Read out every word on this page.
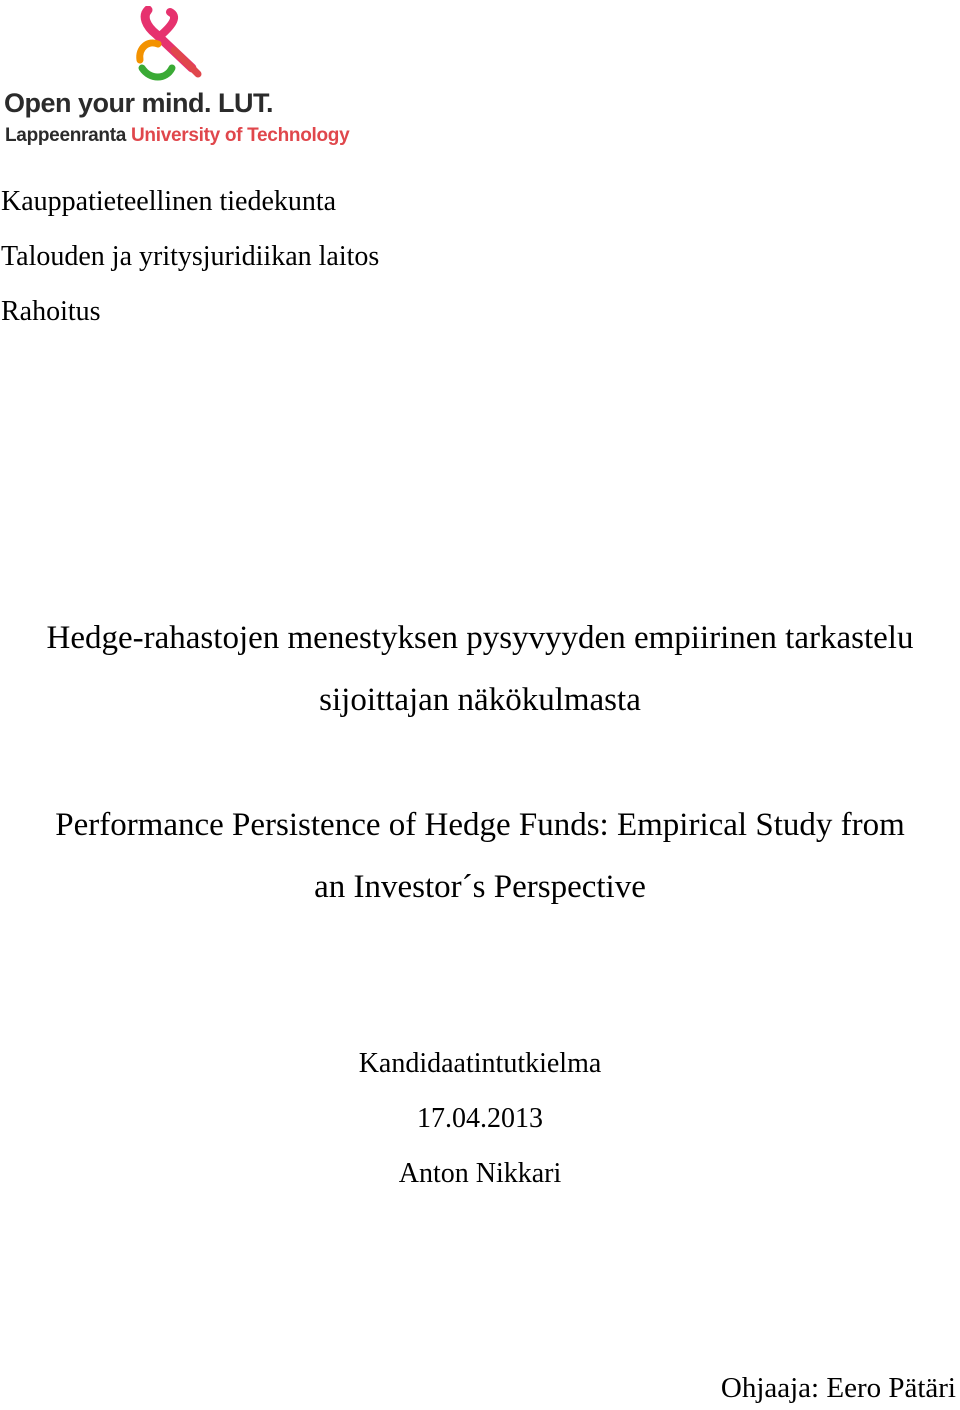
Open your mind. LUT.
Lappeenranta University of Technology
Kauppatieteellinen tiedekunta
Talouden ja yritysjuridiikan laitos
Rahoitus
Hedge-rahastojen menestyksen pysyvyyden empiirinen tarkastelu
sijoittajan näkökulmasta
Performance Persistence of Hedge Funds: Empirical Study from
an Investor´s Perspective
Kandidaatintutkielma
17.04.2013
Anton Nikkari
Ohjaaja: Eero Pätäri
